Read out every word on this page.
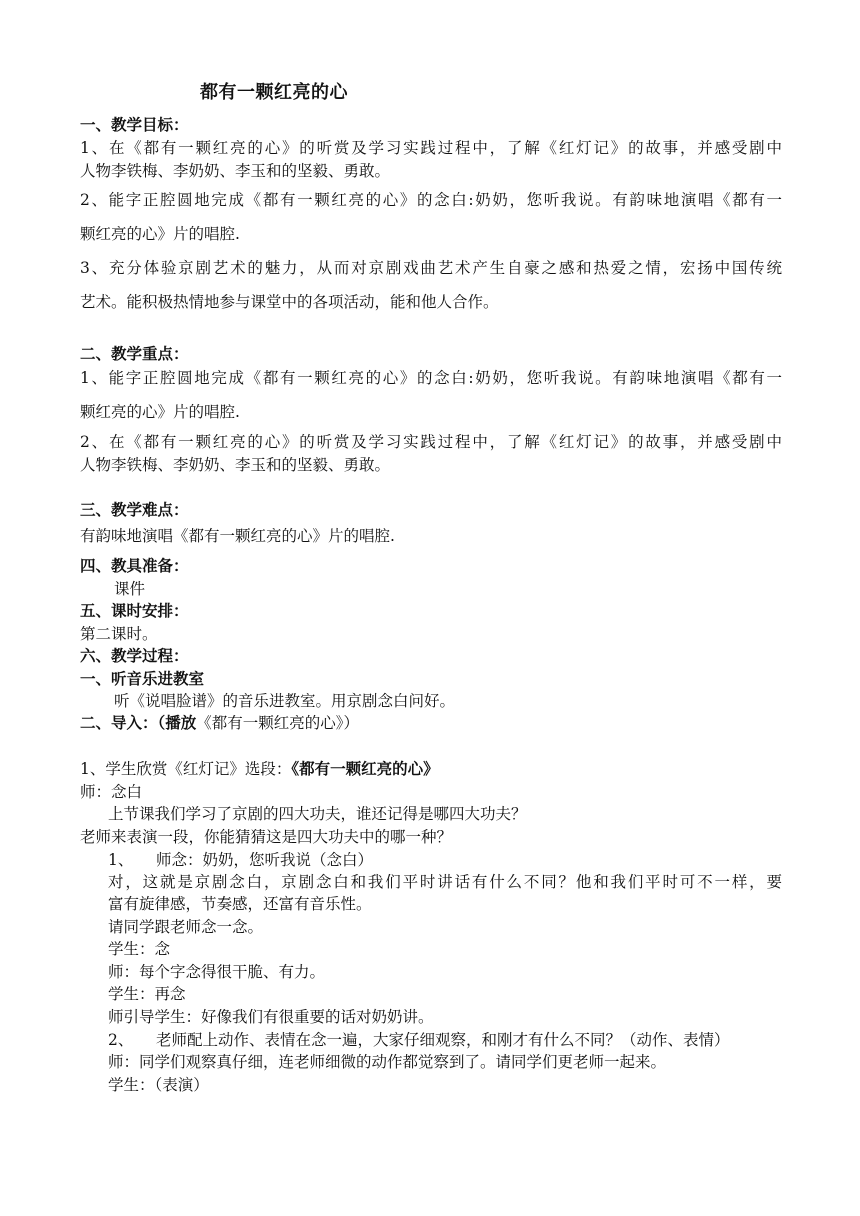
都有一颗红亮的心
一、教学目标：
1、在《都有一颗红亮的心》的听赏及学习实践过程中，了解《红灯记》的故事，并感受剧中
人物李铁梅、李奶奶、李玉和的坚毅、勇敢。
2、能字正腔圆地完成《都有一颗红亮的心》的念白:奶奶，您听我说。有韵味地演唱《都有一
颗红亮的心》片的唱腔.
3、充分体验京剧艺术的魅力，从而对京剧戏曲艺术产生自豪之感和热爱之情，宏扬中国传统
艺术。能积极热情地参与课堂中的各项活动，能和他人合作。
二、教学重点：
1、能字正腔圆地完成《都有一颗红亮的心》的念白:奶奶，您听我说。有韵味地演唱《都有一
颗红亮的心》片的唱腔.
2、在《都有一颗红亮的心》的听赏及学习实践过程中，了解《红灯记》的故事，并感受剧中
人物李铁梅、李奶奶、李玉和的坚毅、勇敢。
三、教学难点：
有韵味地演唱《都有一颗红亮的心》片的唱腔.
四、教具准备：
课件
五、课时安排：
第二课时。
六、教学过程：
一、听音乐进教室
听《说唱脸谱》的音乐进教室。用京剧念白问好。
二、导入：（播放《都有一颗红亮的心》）
1、学生欣赏《红灯记》选段：《都有一颗红亮的心》
师：念白
上节课我们学习了京剧的四大功夫，谁还记得是哪四大功夫？
老师来表演一段，你能猜猜这是四大功夫中的哪一种？
1、 师念：奶奶，您听我说（念白）
对，这就是京剧念白，京剧念白和我们平时讲话有什么不同？他和我们平时可不一样，要
富有旋律感，节奏感，还富有音乐性。
请同学跟老师念一念。
学生：念
师：每个字念得很干脆、有力。
学生：再念
师引导学生：好像我们有很重要的话对奶奶讲。
2、 老师配上动作、表情在念一遍，大家仔细观察，和刚才有什么不同？（动作、表情）
师：同学们观察真仔细，连老师细微的动作都觉察到了。请同学们更老师一起来。
学生：（表演）
